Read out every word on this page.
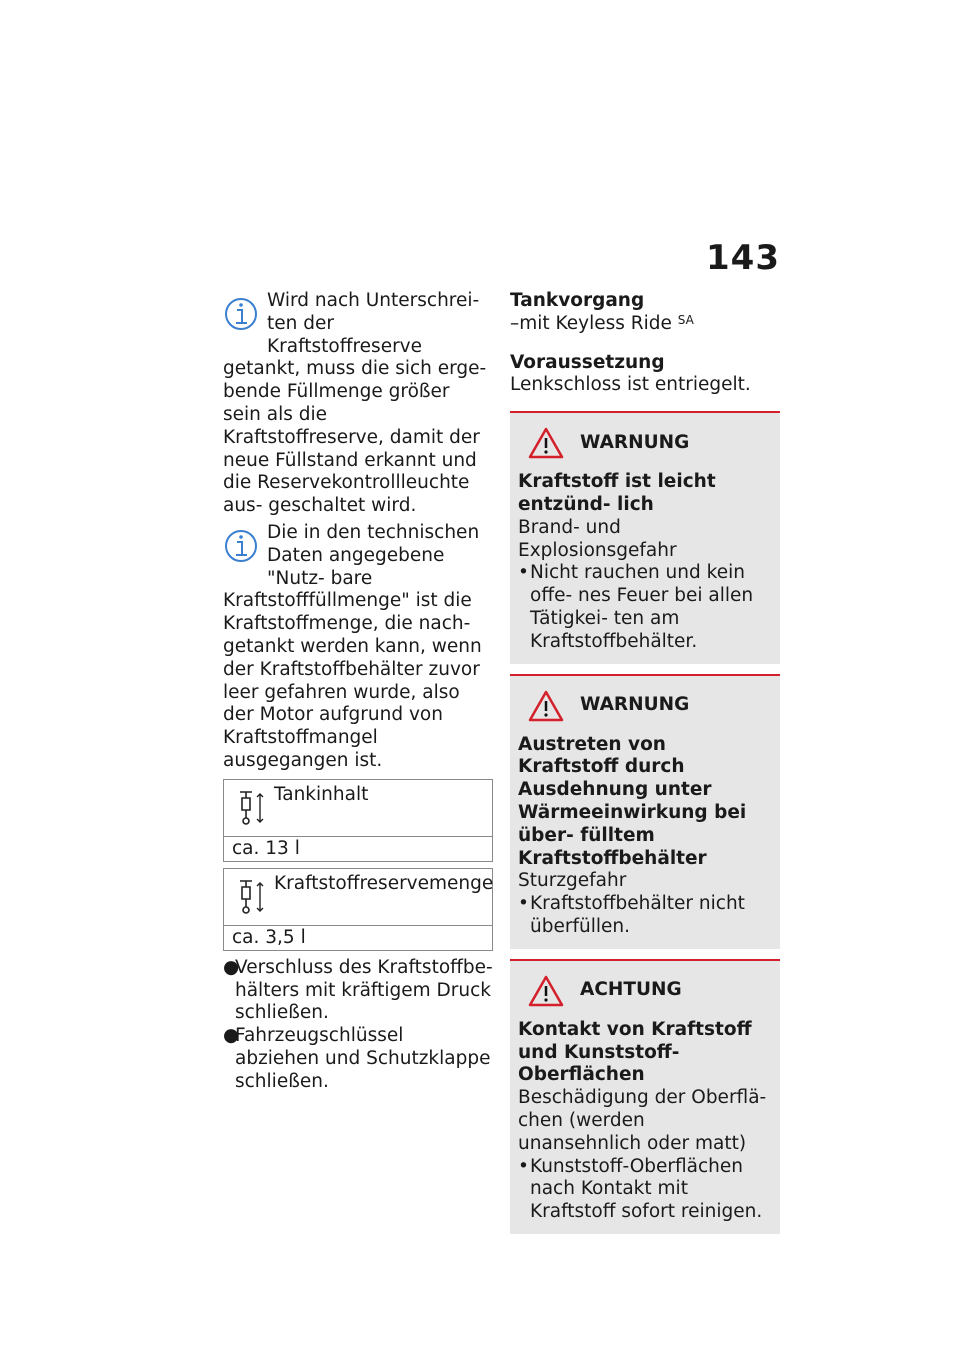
143
Wird nach Unterschrei- ten der Kraftstoffreserve getankt, muss die sich erge- bende Füllmenge größer sein als die Kraftstoffreserve, damit der neue Füllstand erkannt und die Reservekontrollleuchte aus- geschaltet wird.
Die in den technischen Daten angegebene "Nutz- bare Kraftstofffüllmenge" ist die Kraftstoffmenge, die nach- getankt werden kann, wenn der Kraftstoffbehälter zuvor leer gefahren wurde, also der Motor aufgrund von Kraftstoffmangel ausgegangen ist.
Tankinhalt
ca. 13 l
Kraftstoffreservemenge
ca. 3,5 l
●
Verschluss des Kraftstoffbe- hälters mit kräftigem Druck schließen.
●
Fahrzeugschlüssel abziehen und Schutzklappe schließen.
Tankvorgang
–mit Keyless Ride $^{SA}$
Voraussetzung
Lenkschloss ist entriegelt.
WARNUNG
Kraftstoff ist leicht entzünd- lich
Brand- und Explosionsgefahr
• Nicht rauchen und kein offe- nes Feuer bei allen Tätigkei- ten am Kraftstoffbehälter.
WARNUNG
Austreten von Kraftstoff durch Ausdehnung unter Wärmeeinwirkung bei über- fülltem Kraftstoffbehälter
Sturzgefahr
• Kraftstoffbehälter nicht überfüllen.
ACHTUNG
Kontakt von Kraftstoff und Kunststoff-Oberflächen
Beschädigung der Oberflä- chen (werden unansehnlich oder matt)
• Kunststoff-Oberflächen nach Kontakt mit Kraftstoff sofort reinigen.
